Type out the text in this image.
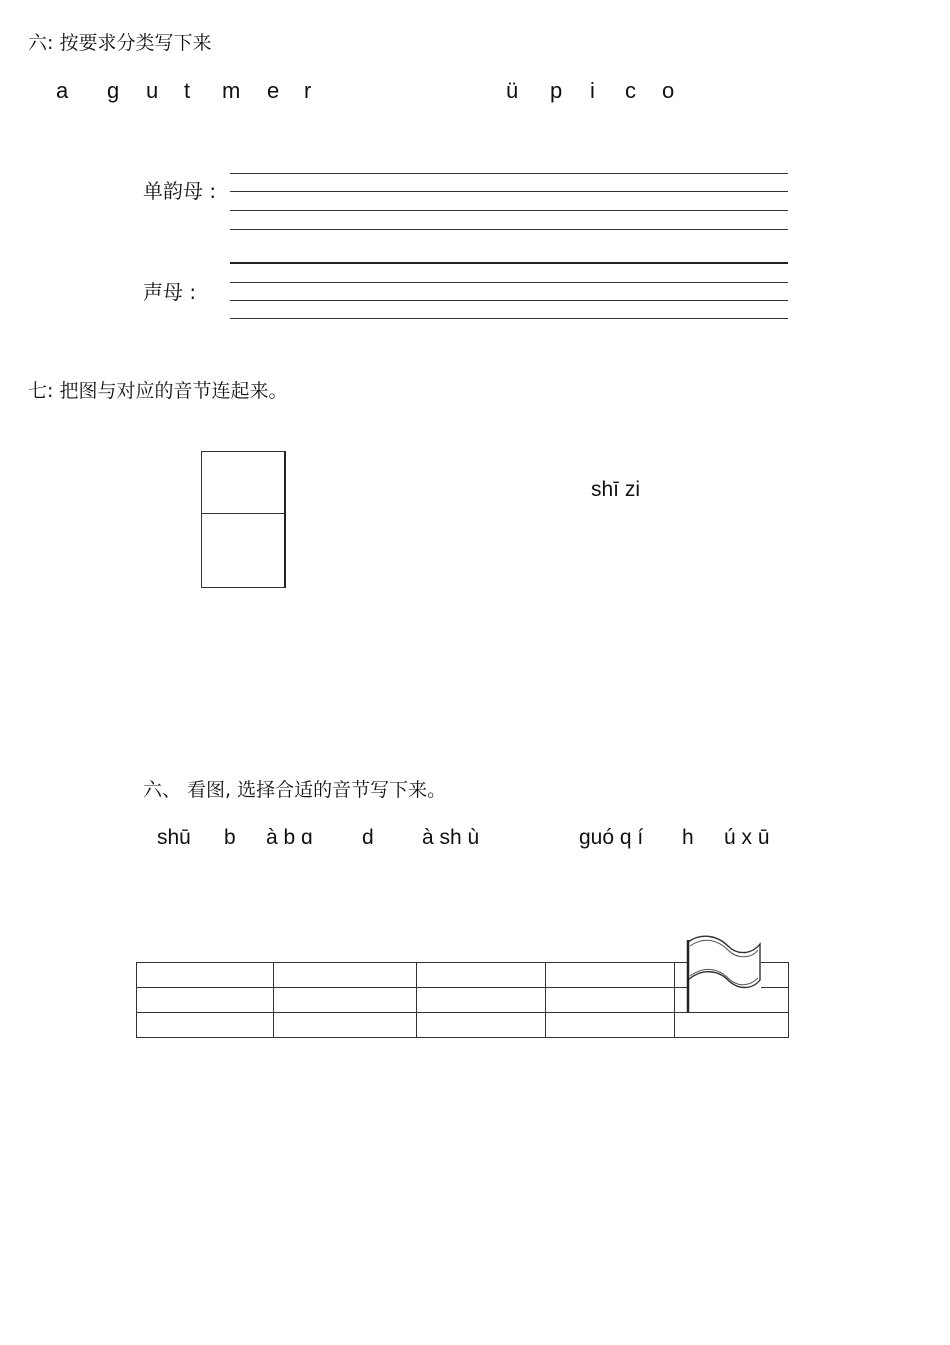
六: 按要求分类写下来
a ɡ u t m e r	ü p i c o
单韵母 :
声母 :
七: 把图与对应的音节连起来。
shī zi
六、 看图, 选择合适的音节写下来。
shū b à b ɑ d à sh ù	ɡuó q í h ú x ū
